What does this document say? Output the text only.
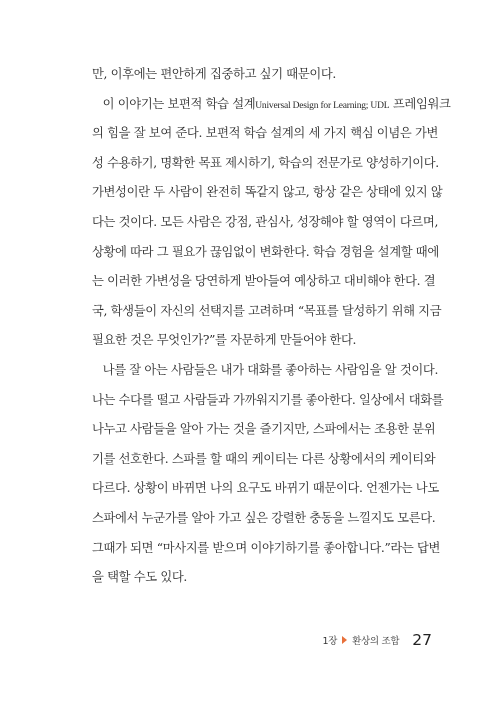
만, 이후에는 편안하게 집중하고 싶기 때문이다.
이 이야기는 보편적 학습 설계Universal Design for Learning; UDL 프레임워크
의 힘을 잘 보여 준다. 보편적 학습 설계의 세 가지 핵심 이념은 가변
성 수용하기, 명확한 목표 제시하기, 학습의 전문가로 양성하기이다.
가변성이란 두 사람이 완전히 똑같지 않고, 항상 같은 상태에 있지 않
다는 것이다. 모든 사람은 강점, 관심사, 성장해야 할 영역이 다르며,
상황에 따라 그 필요가 끊임없이 변화한다. 학습 경험을 설계할 때에
는 이러한 가변성을 당연하게 받아들여 예상하고 대비해야 한다. 결
국, 학생들이 자신의 선택지를 고려하며 “목표를 달성하기 위해 지금
필요한 것은 무엇인가?”를 자문하게 만들어야 한다.
나를 잘 아는 사람들은 내가 대화를 좋아하는 사람임을 알 것이다.
나는 수다를 떨고 사람들과 가까워지기를 좋아한다. 일상에서 대화를
나누고 사람들을 알아 가는 것을 즐기지만, 스파에서는 조용한 분위
기를 선호한다. 스파를 할 때의 케이티는 다른 상황에서의 케이티와
다르다. 상황이 바뀌면 나의 요구도 바뀌기 때문이다. 언젠가는 나도
스파에서 누군가를 알아 가고 싶은 강렬한 충동을 느낄지도 모른다.
그때가 되면 “마사지를 받으며 이야기하기를 좋아합니다.”라는 답변
을 택할 수도 있다.
1장 환상의 조합 27
